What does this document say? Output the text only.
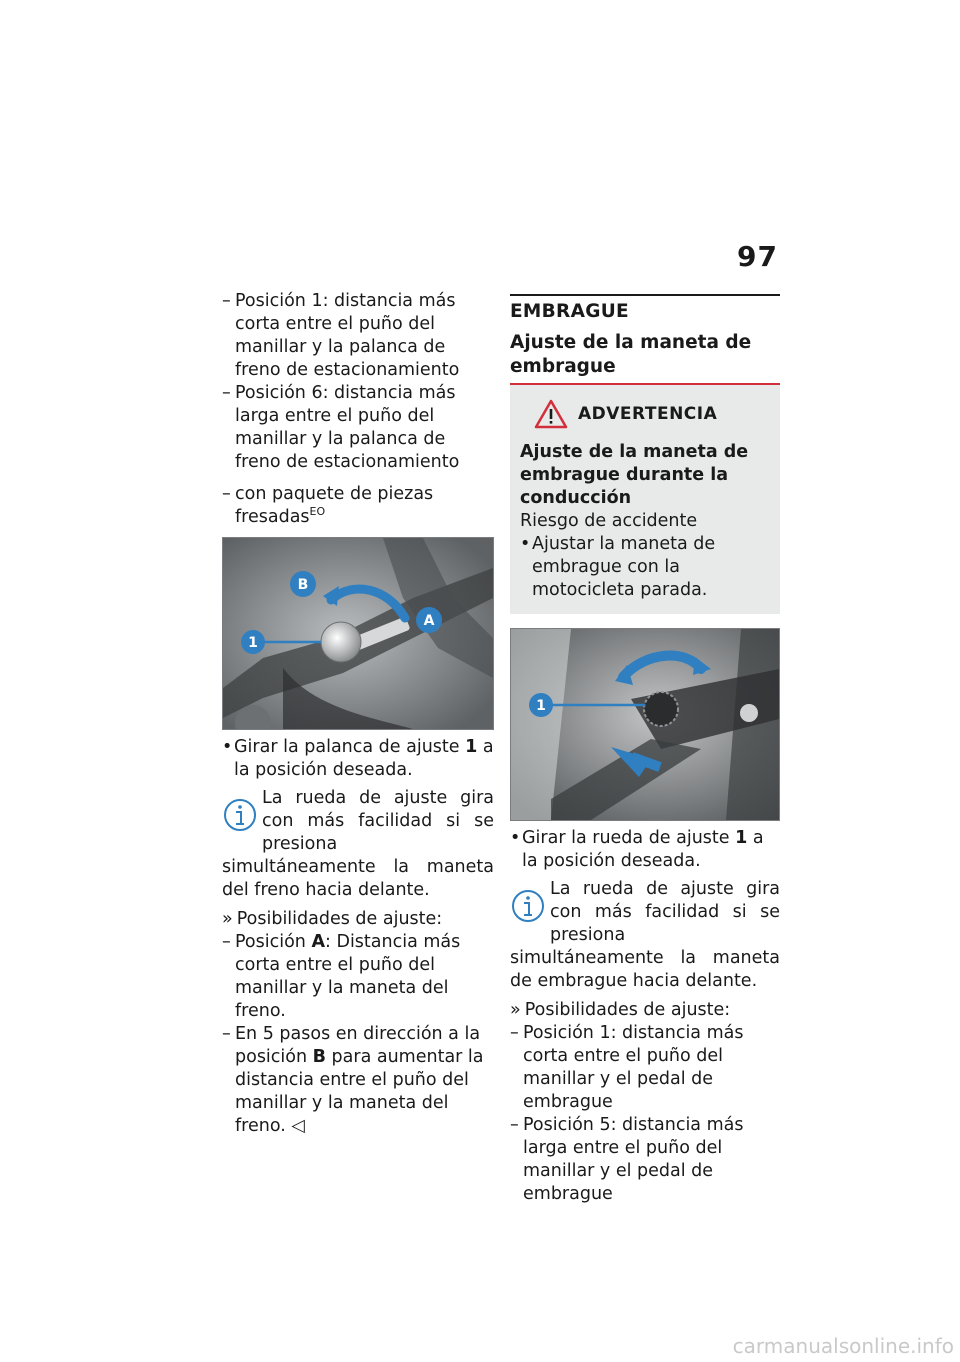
97
– Posición 1: distancia más corta entre el puño del manillar y la palanca de freno de estacionamiento
– Posición 6: distancia más larga entre el puño del manillar y la palanca de freno de estacionamiento
– con paquete de piezas fresadas$^{EO}$
1
B
A
• Girar la palanca de ajuste 1 a la posición deseada.

La rueda de ajuste gira con más facilidad si se presiona simultáneamente la maneta del freno hacia delante.

» Posibilidades de ajuste:
– Posición A: Distancia más corta entre el puño del manillar y la maneta del freno.
– En 5 pasos en dirección a la posición B para aumentar la distancia entre el puño del manillar y la maneta del freno. ◁
EMBRAGUE
Ajuste de la maneta de embrague
ADVERTENCIA
Ajuste de la maneta de embrague durante la conducción
Riesgo de accidente
• Ajustar la maneta de embrague con la motocicleta parada.
1
• Girar la rueda de ajuste 1 a la posición deseada.

La rueda de ajuste gira con más facilidad si se presiona simultáneamente la maneta de embrague hacia delante.

» Posibilidades de ajuste:
– Posición 1: distancia más corta entre el puño del manillar y el pedal de embrague
– Posición 5: distancia más larga entre el puño del manillar y el pedal de embrague
carmanualsonline.info
